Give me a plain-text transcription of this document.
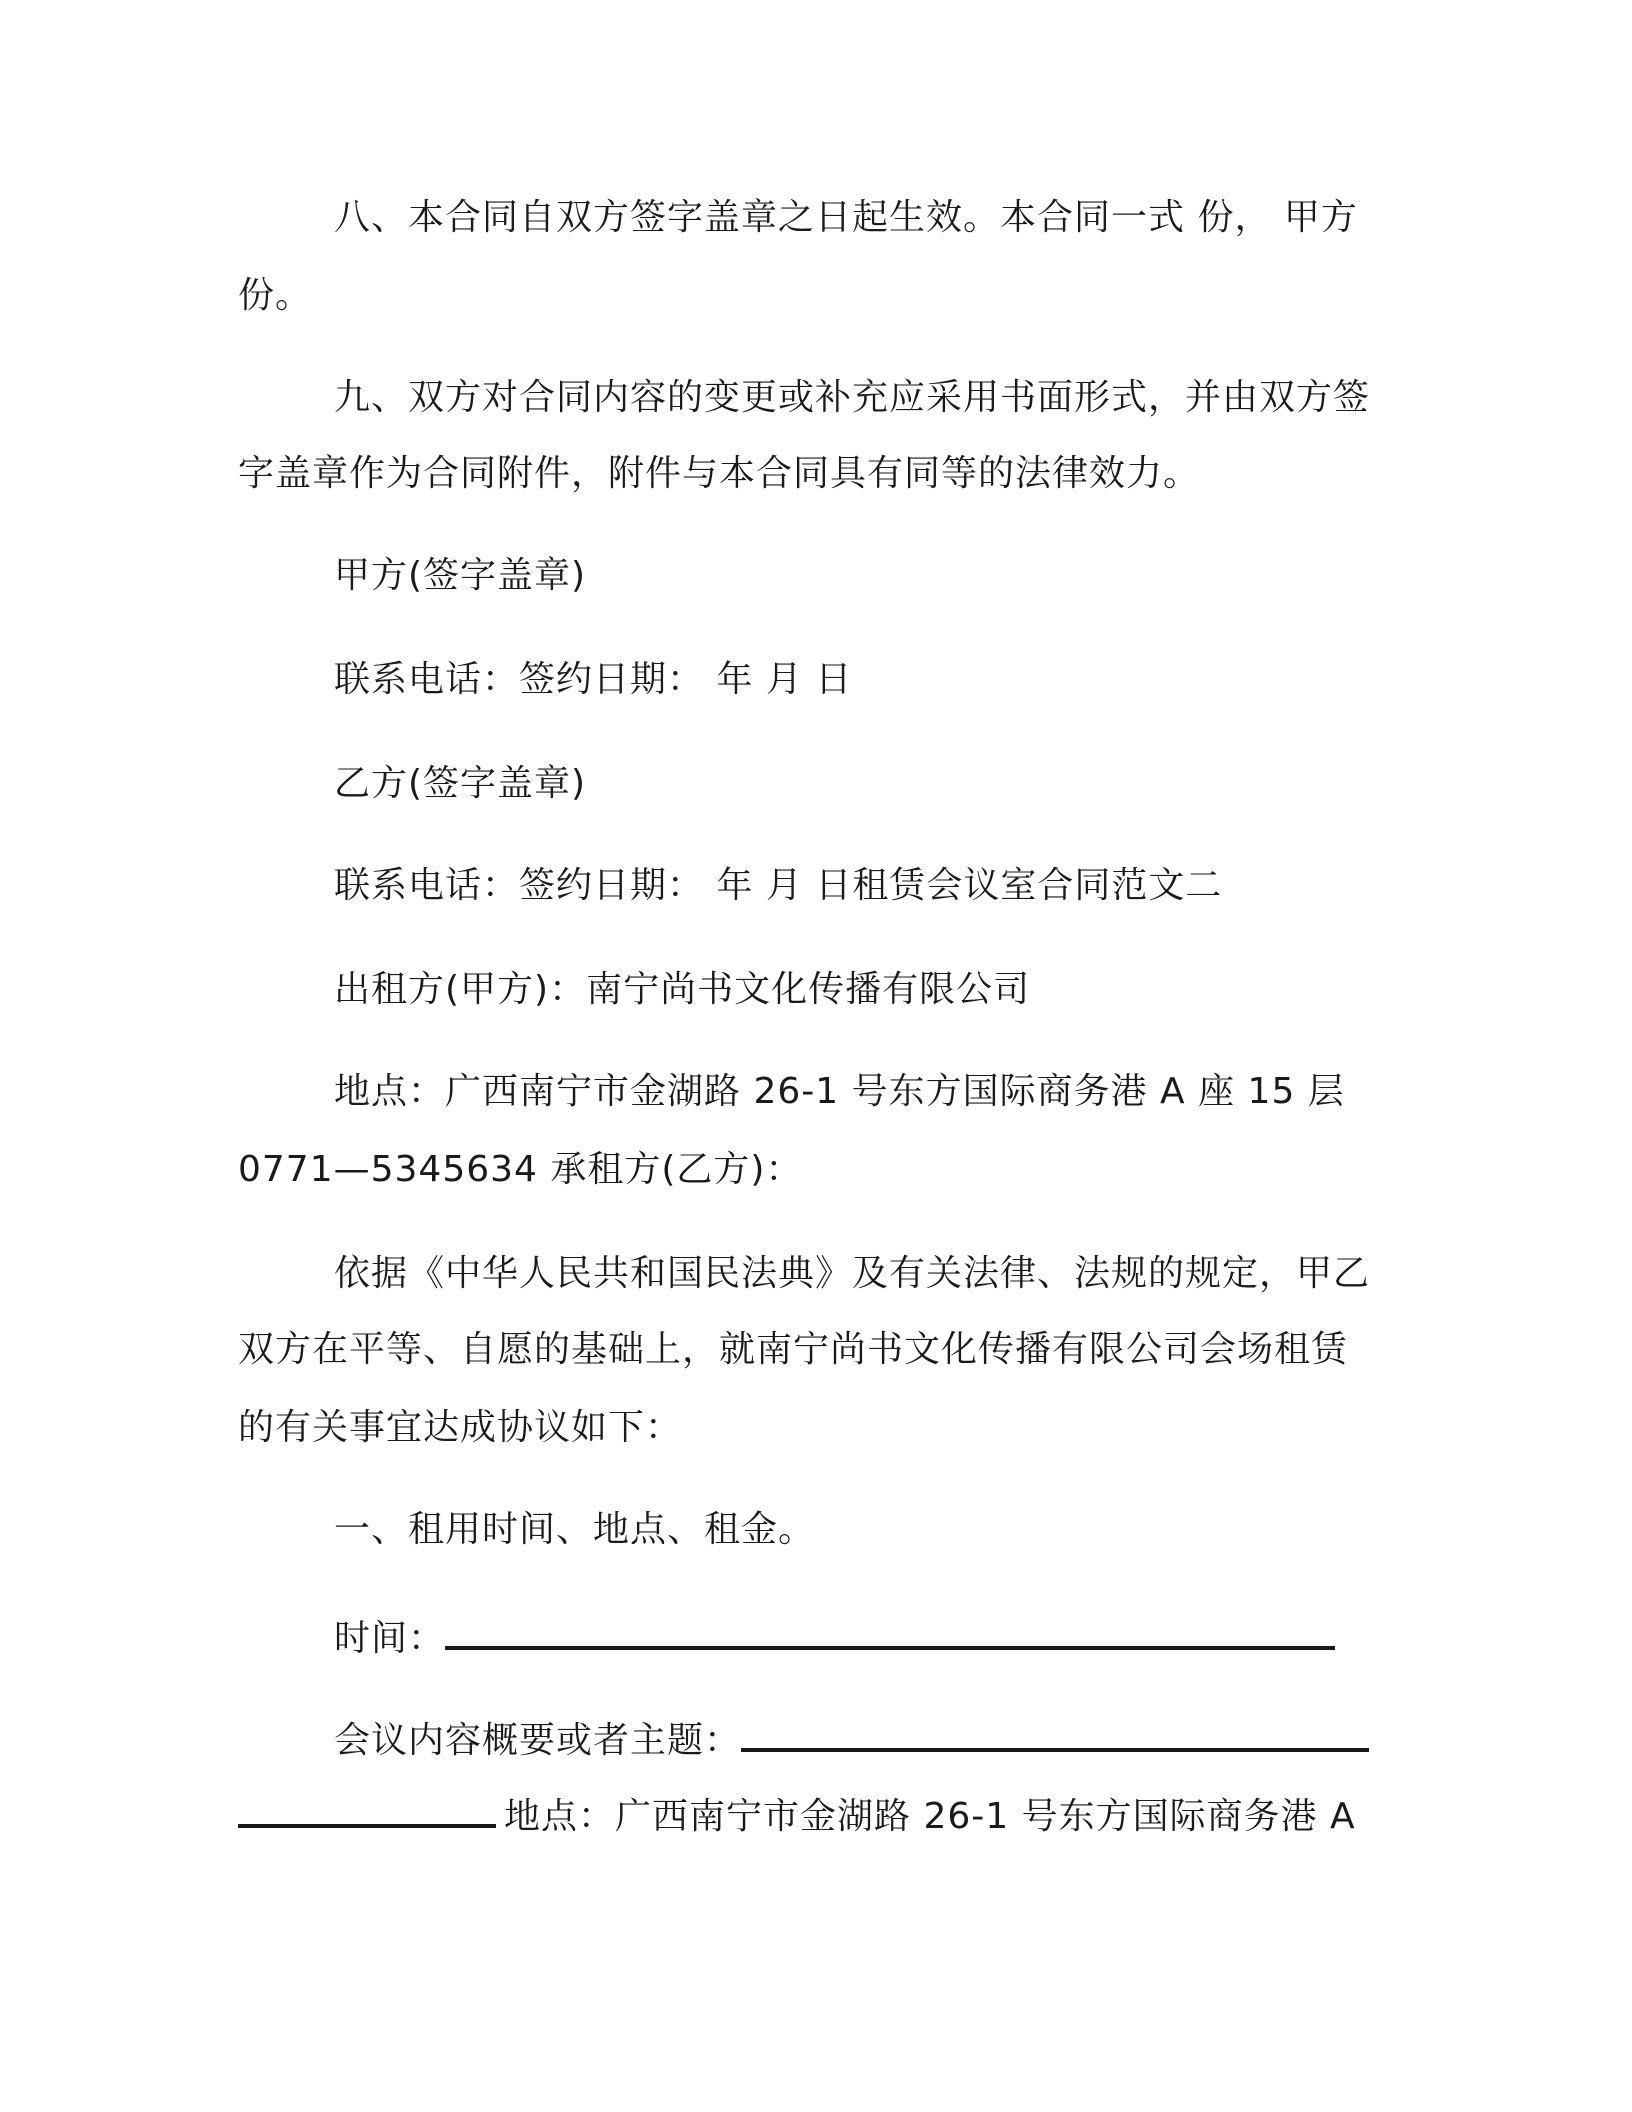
八、本合同自双方签字盖章之日起生效。本合同一式 份， 甲方
份。
九、双方对合同内容的变更或补充应采用书面形式，并由双方签
字盖章作为合同附件，附件与本合同具有同等的法律效力。
甲方(签字盖章)
联系电话：签约日期： 年 月 日
乙方(签字盖章)
联系电话：签约日期： 年 月 日租赁会议室合同范文二
出租方(甲方)：南宁尚书文化传播有限公司
地点：广西南宁市金湖路 26-1 号东方国际商务港 A 座 15 层
0771—5345634 承租方(乙方)：
依据《中华人民共和国民法典》及有关法律、法规的规定，甲乙
双方在平等、自愿的基础上，就南宁尚书文化传播有限公司会场租赁
的有关事宜达成协议如下：
一、租用时间、地点、租金。
时间：
会议内容概要或者主题：
地点：广西南宁市金湖路 26-1 号东方国际商务港 A
